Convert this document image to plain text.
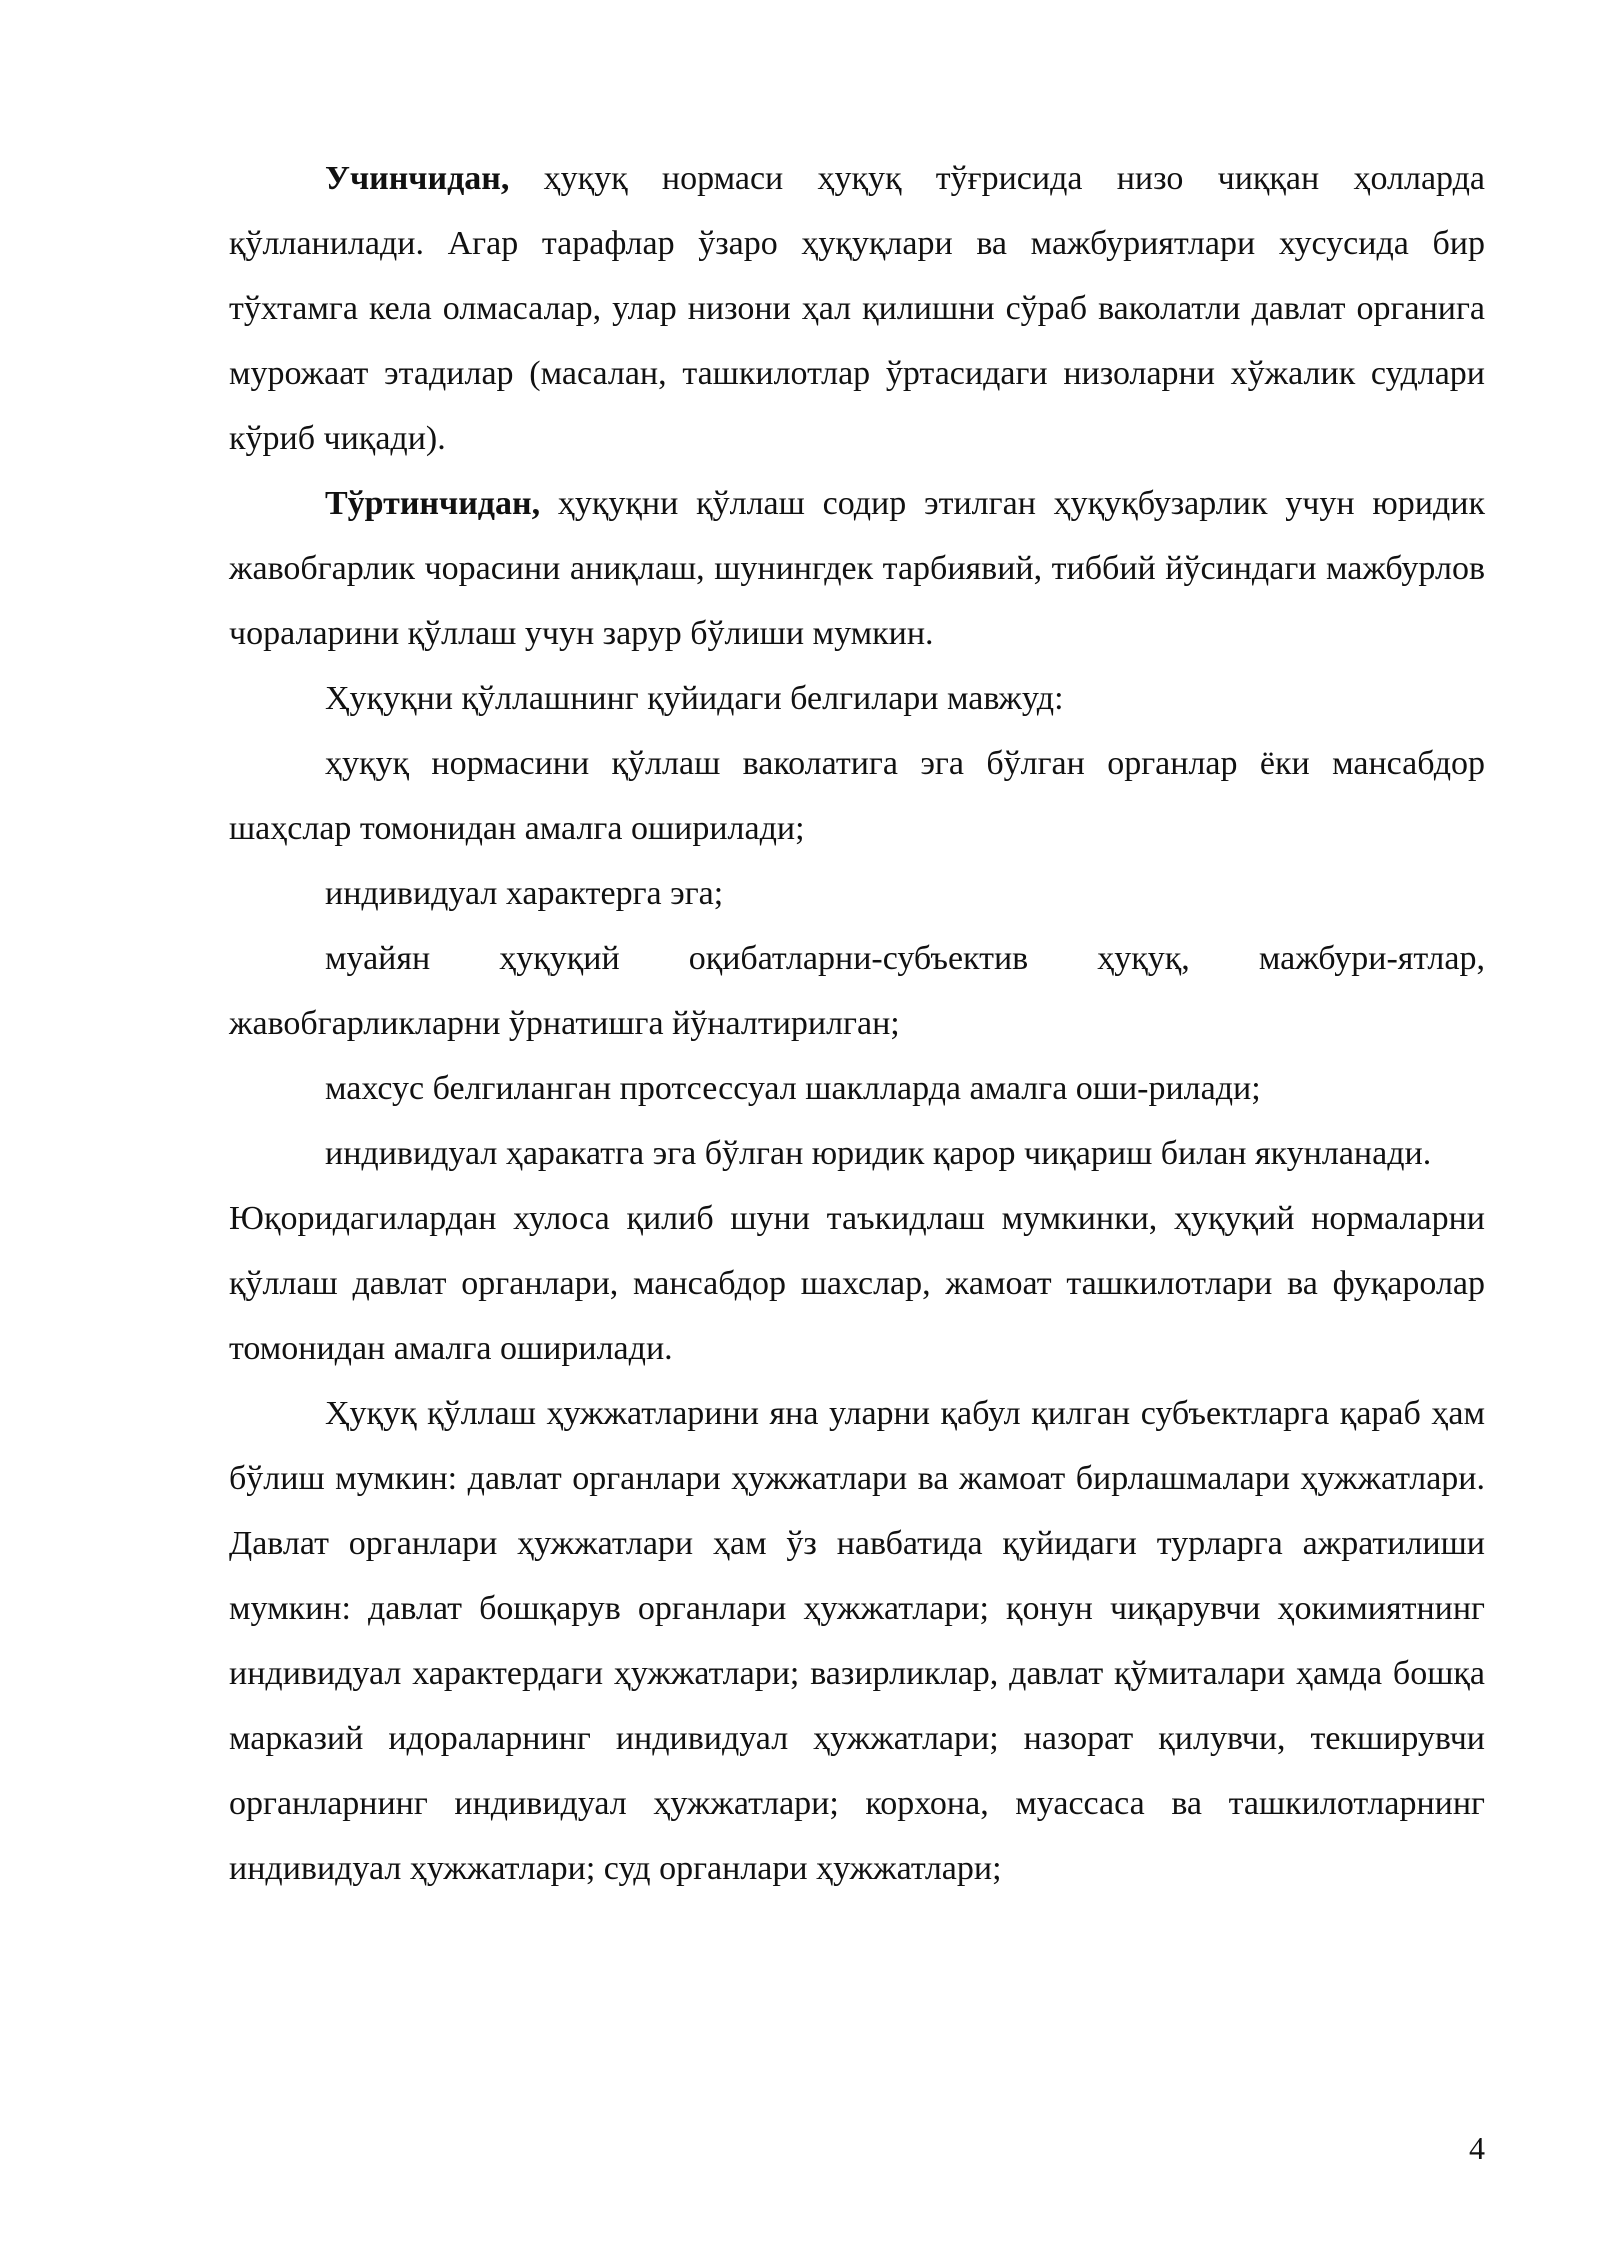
Учинчидан, ҳуқуқ нормаси ҳуқуқ тўғрисида низо чиққан ҳолларда қўлланилади. Агар тарафлар ўзаро ҳуқуқлари ва мажбуриятлари хусусида бир тўхтамга кела олмасалар, улар низони ҳал қилишни сўраб ваколатли давлат органига мурожаат этадилар (масалан, ташкилотлар ўртасидаги низоларни хўжалик судлари кўриб чиқади).

Тўртинчидан, ҳуқуқни қўллаш содир этилган ҳуқуқбузарлик учун юридик жавобгарлик чорасини аниқлаш, шунингдек тарбиявий, тиббий йўсиндаги мажбурлов чораларини қўллаш учун зарур бўлиши мумкин.

Ҳуқуқни қўллашнинг қуйидаги белгилари мавжуд:

ҳуқуқ нормасини қўллаш ваколатига эга бўлган органлар ёки мансабдор шаҳслар томонидан амалга оширилади;

индивидуал характерга эга;

муайян ҳуқуқий оқибатларни-субъектив ҳуқуқ, мажбури-ятлар, жавобгарликларни ўрнатишга йўналтирилган;

махсус белгиланган протсессуал шаклларда амалга оши-рилади;

индивидуал ҳаракатга эга бўлган юридик қарор чиқариш билан якунланади.

Юқоридагилардан хулоса қилиб шуни таъкидлаш мумкинки, ҳуқуқий нормаларни қўллаш давлат органлари, мансабдор шахслар, жамоат ташкилотлари ва фуқаролар томонидан амалга оширилади.

Ҳуқуқ қўллаш ҳужжатларини яна уларни қабул қилган субъектларга қараб ҳам бўлиш мумкин: давлат органлари ҳужжатлари ва жамоат бирлашмалари ҳужжатлари. Давлат органлари ҳужжатлари ҳам ўз навбатида қуйидаги турларга ажратилиши мумкин: давлат бошқарув органлари ҳужжатлари; қонун чиқарувчи ҳокимиятнинг индивидуал характердаги ҳужжатлари; вазирликлар, давлат қўмиталари ҳамда бошқа марказий идораларнинг индивидуал ҳужжатлари; назорат қилувчи, текширувчи органларнинг индивидуал ҳужжатлари; корхона, муассаса ва ташкилотларнинг индивидуал ҳужжатлари; суд органлари ҳужжатлари;

4
